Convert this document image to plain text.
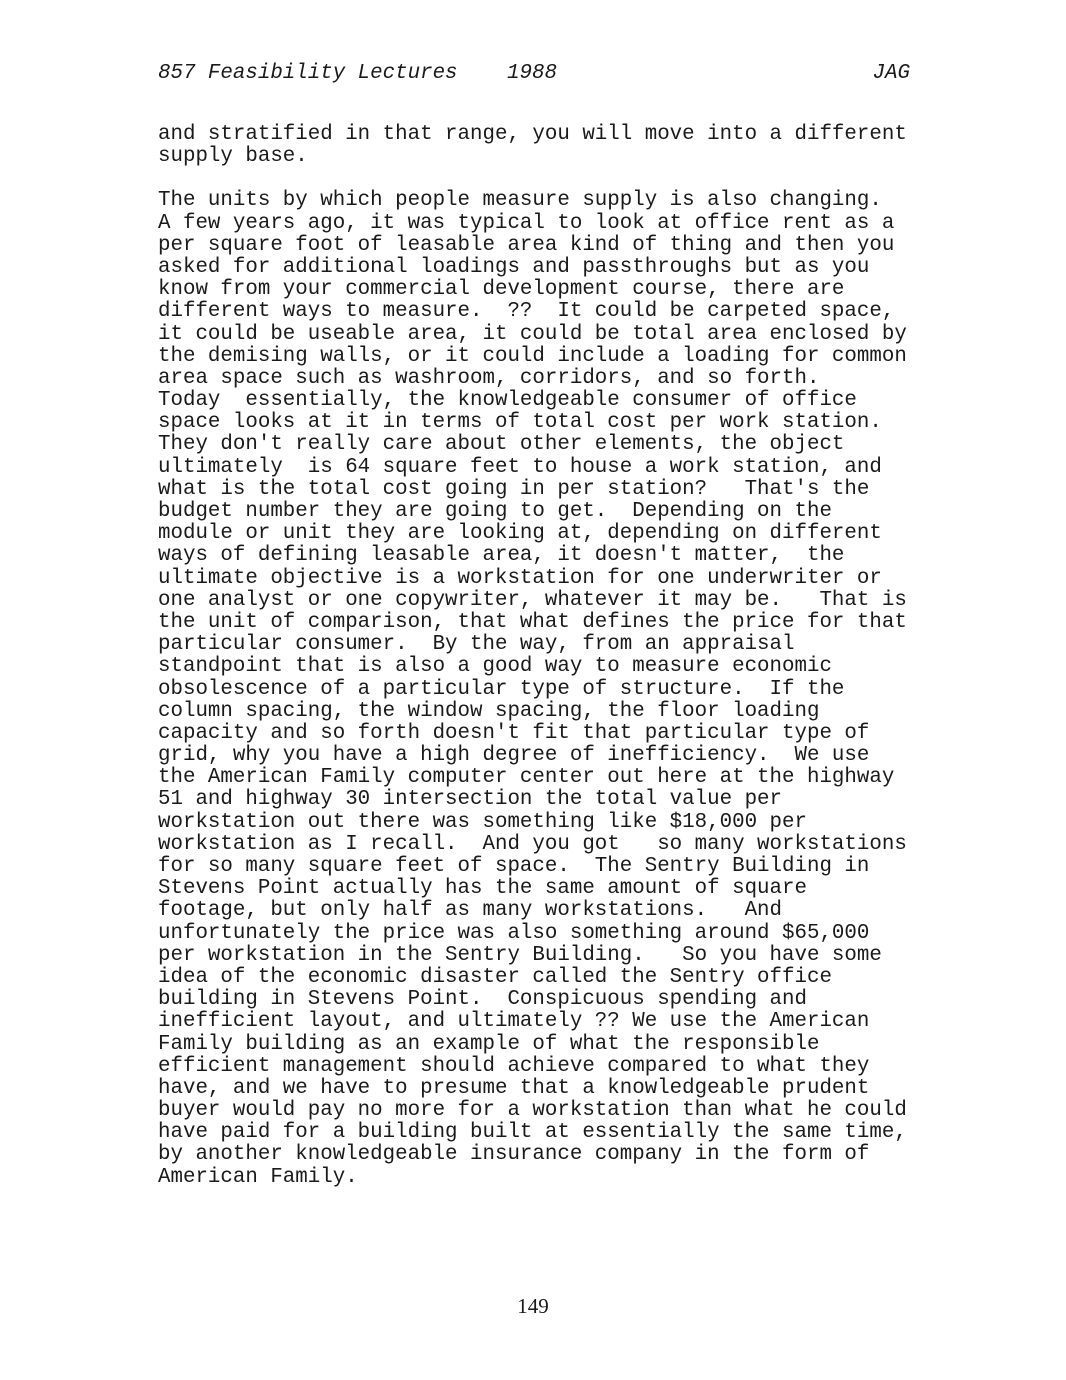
857 Feasibility Lectures

1988

	JAG

and stratified in that range, you will move into a different
supply base.
The units by which people measure supply is also changing.
A few years ago, it was typical to look at office rent as a
per square foot of leasable area kind of thing and then you
asked for additional loadings and passthroughs but as you
know from your commercial development course, there are
different ways to measure.  ??  It could be carpeted space,
it could be useable area, it could be total area enclosed by
the demising walls, or it could include a loading for common
area space such as washroom, corridors, and so forth.
Today  essentially, the knowledgeable consumer of office
space looks at it in terms of total cost per work station.
They don't really care about other elements, the object
ultimately  is 64 square feet to house a work station, and
what is the total cost going in per station?   That's the
budget number they are going to get.  Depending on the
module or unit they are looking at, depending on different
ways of defining leasable area, it doesn't matter,  the
ultimate objective is a workstation for one underwriter or
one analyst or one copywriter, whatever it may be.   That is
the unit of comparison, that what defines the price for that
particular consumer.  By the way, from an appraisal
standpoint that is also a good way to measure economic
obsolescence of a particular type of structure.  If the
column spacing, the window spacing, the floor loading
capacity and so forth doesn't fit that particular type of
grid, why you have a high degree of inefficiency.  We use
the American Family computer center out here at the highway
51 and highway 30 intersection the total value per
workstation out there was something like $18,000 per
workstation as I recall.  And you got   so many workstations
for so many square feet of space.  The Sentry Building in
Stevens Point actually has the same amount of square
footage, but only half as many workstations.   And
unfortunately the price was also something around $65,000
per workstation in the Sentry Building.   So you have some
idea of the economic disaster called the Sentry office
building in Stevens Point.  Conspicuous spending and
inefficient layout, and ultimately ?? We use the American
Family building as an example of what the responsible
efficient management should achieve compared to what they
have, and we have to presume that a knowledgeable prudent
buyer would pay no more for a workstation than what he could
have paid for a building built at essentially the same time,
by another knowledgeable insurance company in the form of
American Family.
149
